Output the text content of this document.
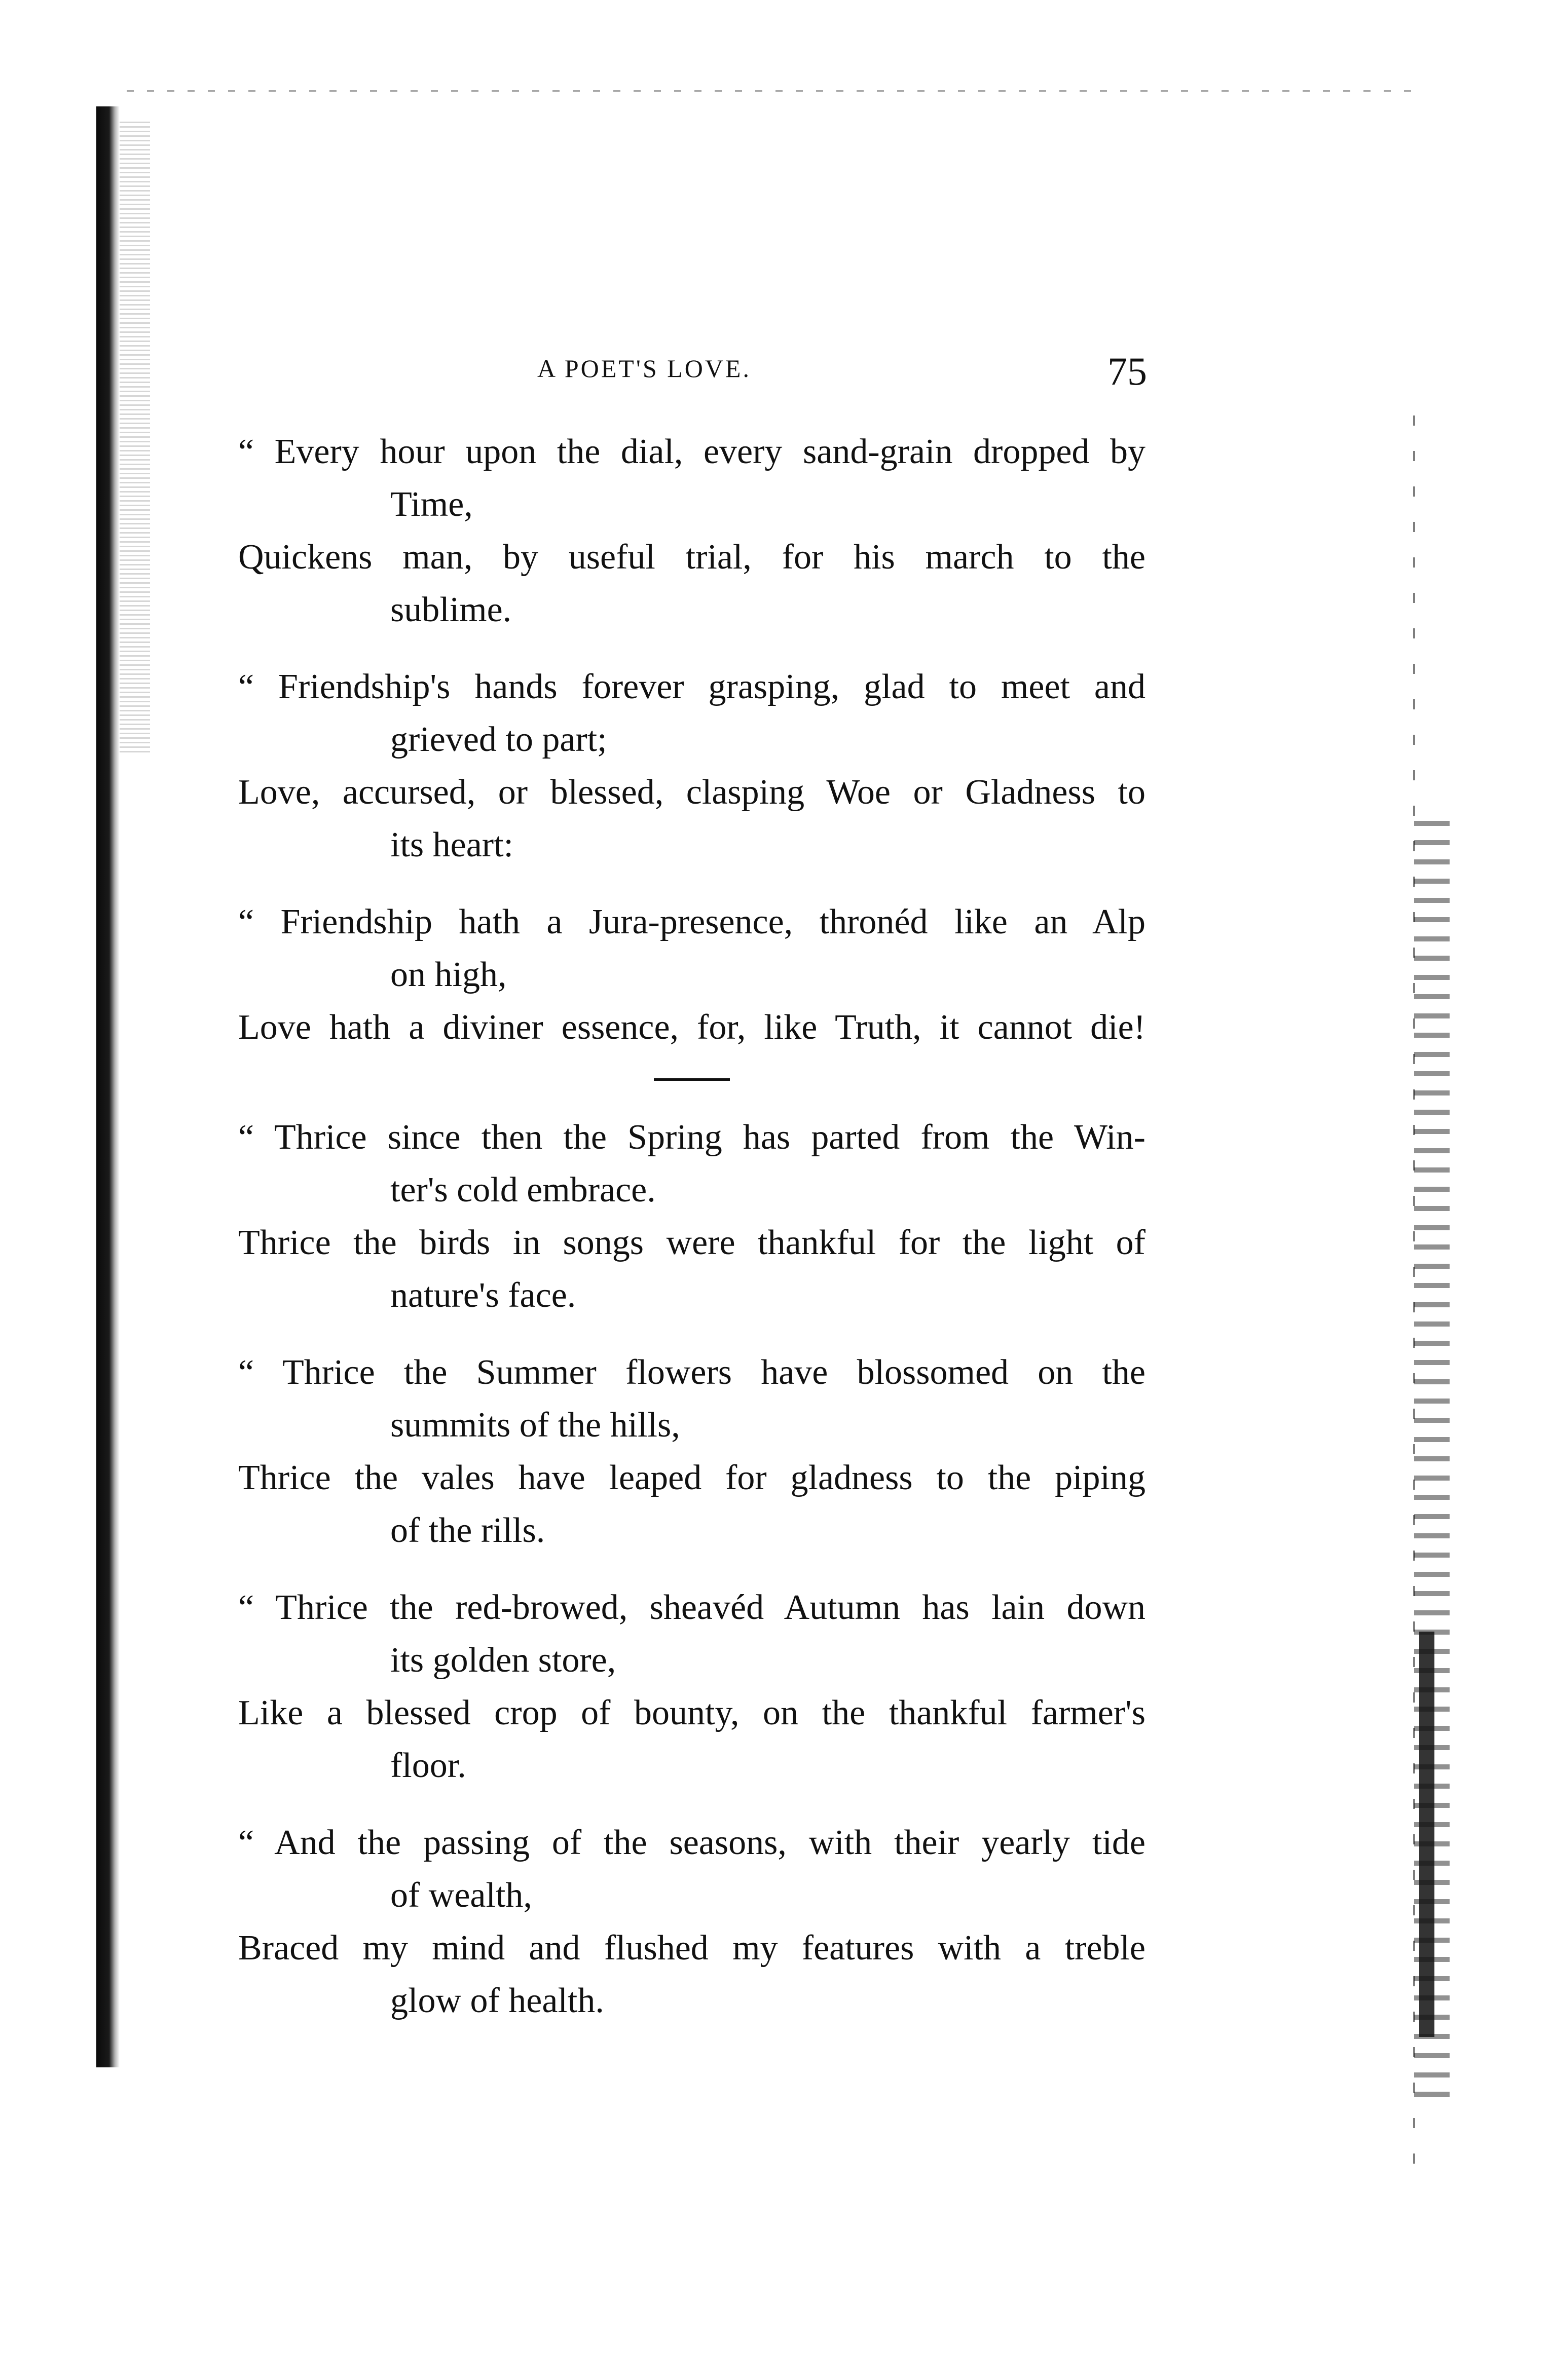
A POET'S LOVE.	75
“ Every hour upon the dial, every sand-grain dropped by
Time,
Quickens man, by useful trial, for his march to the
sublime.
“ Friendship's hands forever grasping, glad to meet and
grieved to part;
Love, accursed, or blessed, clasping Woe or Gladness to
its heart:
“ Friendship hath a Jura-presence, thronéd like an Alp
on high,
Love hath a diviner essence, for, like Truth, it cannot die!
“ Thrice since then the Spring has parted from the Win-
ter's cold embrace.
Thrice the birds in songs were thankful for the light of
nature's face.
“ Thrice the Summer flowers have blossomed on the
summits of the hills,
Thrice the vales have leaped for gladness to the piping
of the rills.
“ Thrice the red-browed, sheavéd Autumn has lain down
its golden store,
Like a blessed crop of bounty, on the thankful farmer's
floor.
“ And the passing of the seasons, with their yearly tide
of wealth,
Braced my mind and flushed my features with a treble
glow of health.
